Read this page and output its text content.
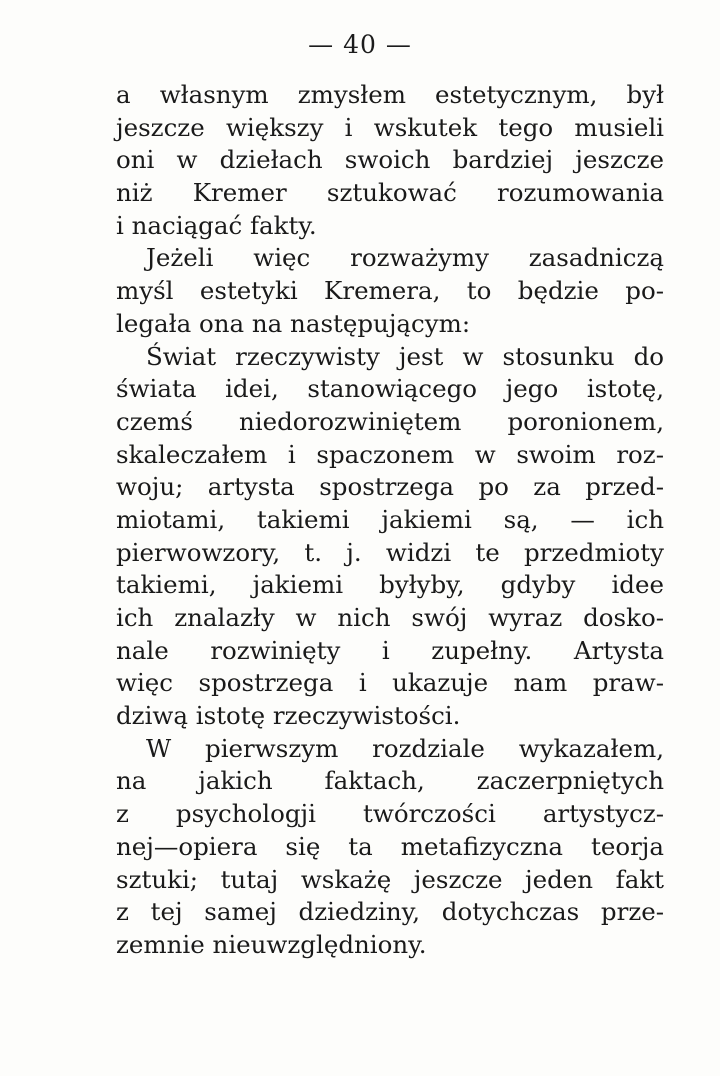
— 40 —
a własnym zmysłem estetycznym, był
jeszcze większy i wskutek tego musieli
oni w dziełach swoich bardziej jeszcze
niż Kremer sztukować rozumowania
i naciągać fakty.
Jeżeli więc rozważymy zasadniczą
myśl estetyki Kremera, to będzie po-
legała ona na następującym:
Świat rzeczywisty jest w stosunku do
świata idei, stanowiącego jego istotę,
czemś niedorozwiniętem poronionem,
skaleczałem i spaczonem w swoim roz-
woju; artysta spostrzega po za przed-
miotami, takiemi jakiemi są, — ich
pierwowzory, t. j. widzi te przedmioty
takiemi, jakiemi byłyby, gdyby idee
ich znalazły w nich swój wyraz dosko-
nale rozwinięty i zupełny. Artysta
więc spostrzega i ukazuje nam praw-
dziwą istotę rzeczywistości.
W pierwszym rozdziale wykazałem,
na jakich faktach, zaczerpniętych
z psychologji twórczości artystycz-
nej—opiera się ta metafizyczna teorja
sztuki; tutaj wskażę jeszcze jeden fakt
z tej samej dziedziny, dotychczas prze-
zemnie nieuwzględniony.
